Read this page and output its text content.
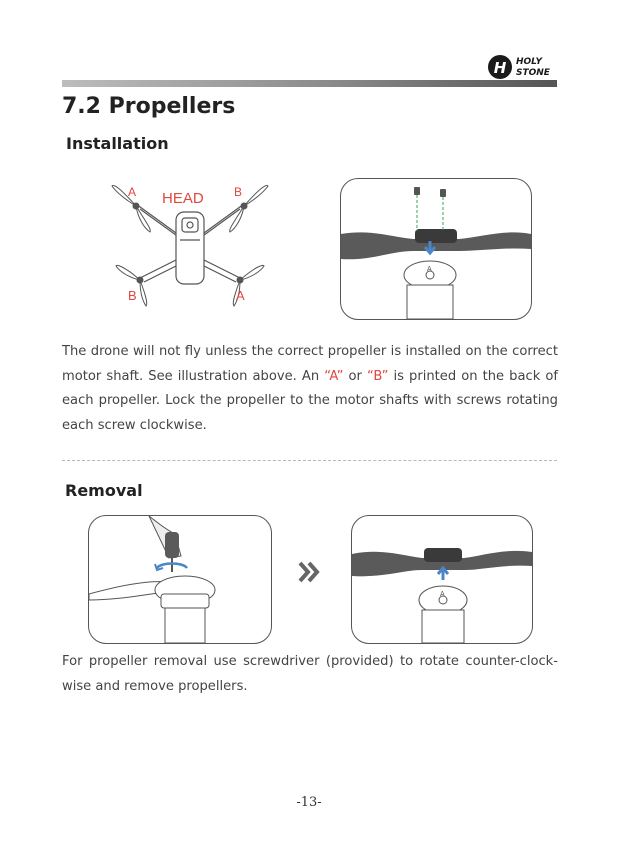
H HOLY
STONE
7.2 Propellers
Installation
A HEAD	B
B	A
A
The drone will not fly unless the correct propeller is installed on the correct motor shaft. See illustration above. An “A” or “B” is printed on the back of each propeller. Lock the propeller to the motor shafts with screws rotating each screw clockwise.
Removal
A
For propeller removal use screwdriver (provided) to rotate counter-clock-wise and remove propellers.
-13-
